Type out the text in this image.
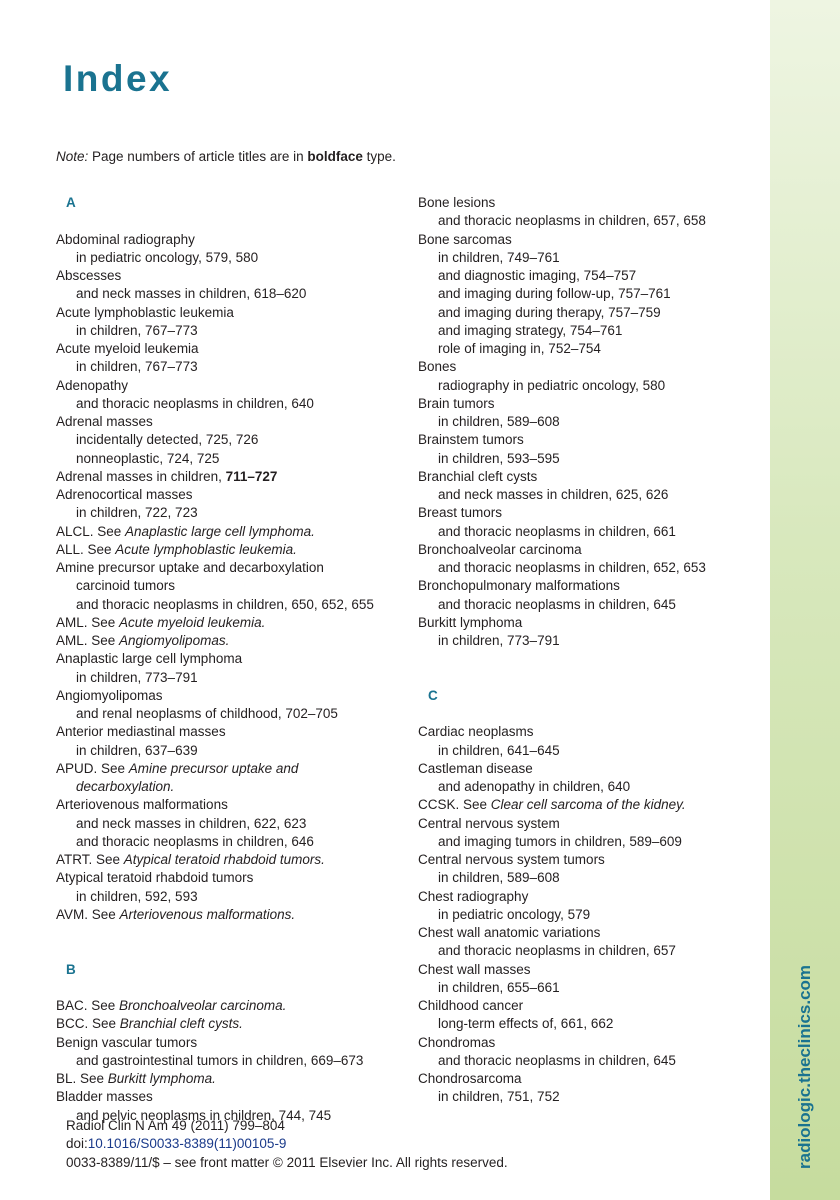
radiologic.theclinics.com
Index
Note: Page numbers of article titles are in boldface type.
A
Abdominal radiography
in pediatric oncology, 579, 580
Abscesses
and neck masses in children, 618–620
Acute lymphoblastic leukemia
in children, 767–773
Acute myeloid leukemia
in children, 767–773
Adenopathy
and thoracic neoplasms in children, 640
Adrenal masses
incidentally detected, 725, 726
nonneoplastic, 724, 725
Adrenal masses in children, 711–727
Adrenocortical masses
in children, 722, 723
ALCL. See Anaplastic large cell lymphoma.
ALL. See Acute lymphoblastic leukemia.
Amine precursor uptake and decarboxylation
carcinoid tumors
and thoracic neoplasms in children, 650, 652, 655
AML. See Acute myeloid leukemia.
AML. See Angiomyolipomas.
Anaplastic large cell lymphoma
in children, 773–791
Angiomyolipomas
and renal neoplasms of childhood, 702–705
Anterior mediastinal masses
in children, 637–639
APUD. See Amine precursor uptake and
decarboxylation.
Arteriovenous malformations
and neck masses in children, 622, 623
and thoracic neoplasms in children, 646
ATRT. See Atypical teratoid rhabdoid tumors.
Atypical teratoid rhabdoid tumors
in children, 592, 593
AVM. See Arteriovenous malformations.
B
BAC. See Bronchoalveolar carcinoma.
BCC. See Branchial cleft cysts.
Benign vascular tumors
and gastrointestinal tumors in children, 669–673
BL. See Burkitt lymphoma.
Bladder masses
and pelvic neoplasms in children, 744, 745
Bone lesions
and thoracic neoplasms in children, 657, 658
Bone sarcomas
in children, 749–761
and diagnostic imaging, 754–757
and imaging during follow-up, 757–761
and imaging during therapy, 757–759
and imaging strategy, 754–761
role of imaging in, 752–754
Bones
radiography in pediatric oncology, 580
Brain tumors
in children, 589–608
Brainstem tumors
in children, 593–595
Branchial cleft cysts
and neck masses in children, 625, 626
Breast tumors
and thoracic neoplasms in children, 661
Bronchoalveolar carcinoma
and thoracic neoplasms in children, 652, 653
Bronchopulmonary malformations
and thoracic neoplasms in children, 645
Burkitt lymphoma
in children, 773–791
C
Cardiac neoplasms
in children, 641–645
Castleman disease
and adenopathy in children, 640
CCSK. See Clear cell sarcoma of the kidney.
Central nervous system
and imaging tumors in children, 589–609
Central nervous system tumors
in children, 589–608
Chest radiography
in pediatric oncology, 579
Chest wall anatomic variations
and thoracic neoplasms in children, 657
Chest wall masses
in children, 655–661
Childhood cancer
long-term effects of, 661, 662
Chondromas
and thoracic neoplasms in children, 645
Chondrosarcoma
in children, 751, 752
Radiol Clin N Am 49 (2011) 799–804
doi:10.1016/S0033-8389(11)00105-9
0033-8389/11/$ – see front matter © 2011 Elsevier Inc. All rights reserved.
